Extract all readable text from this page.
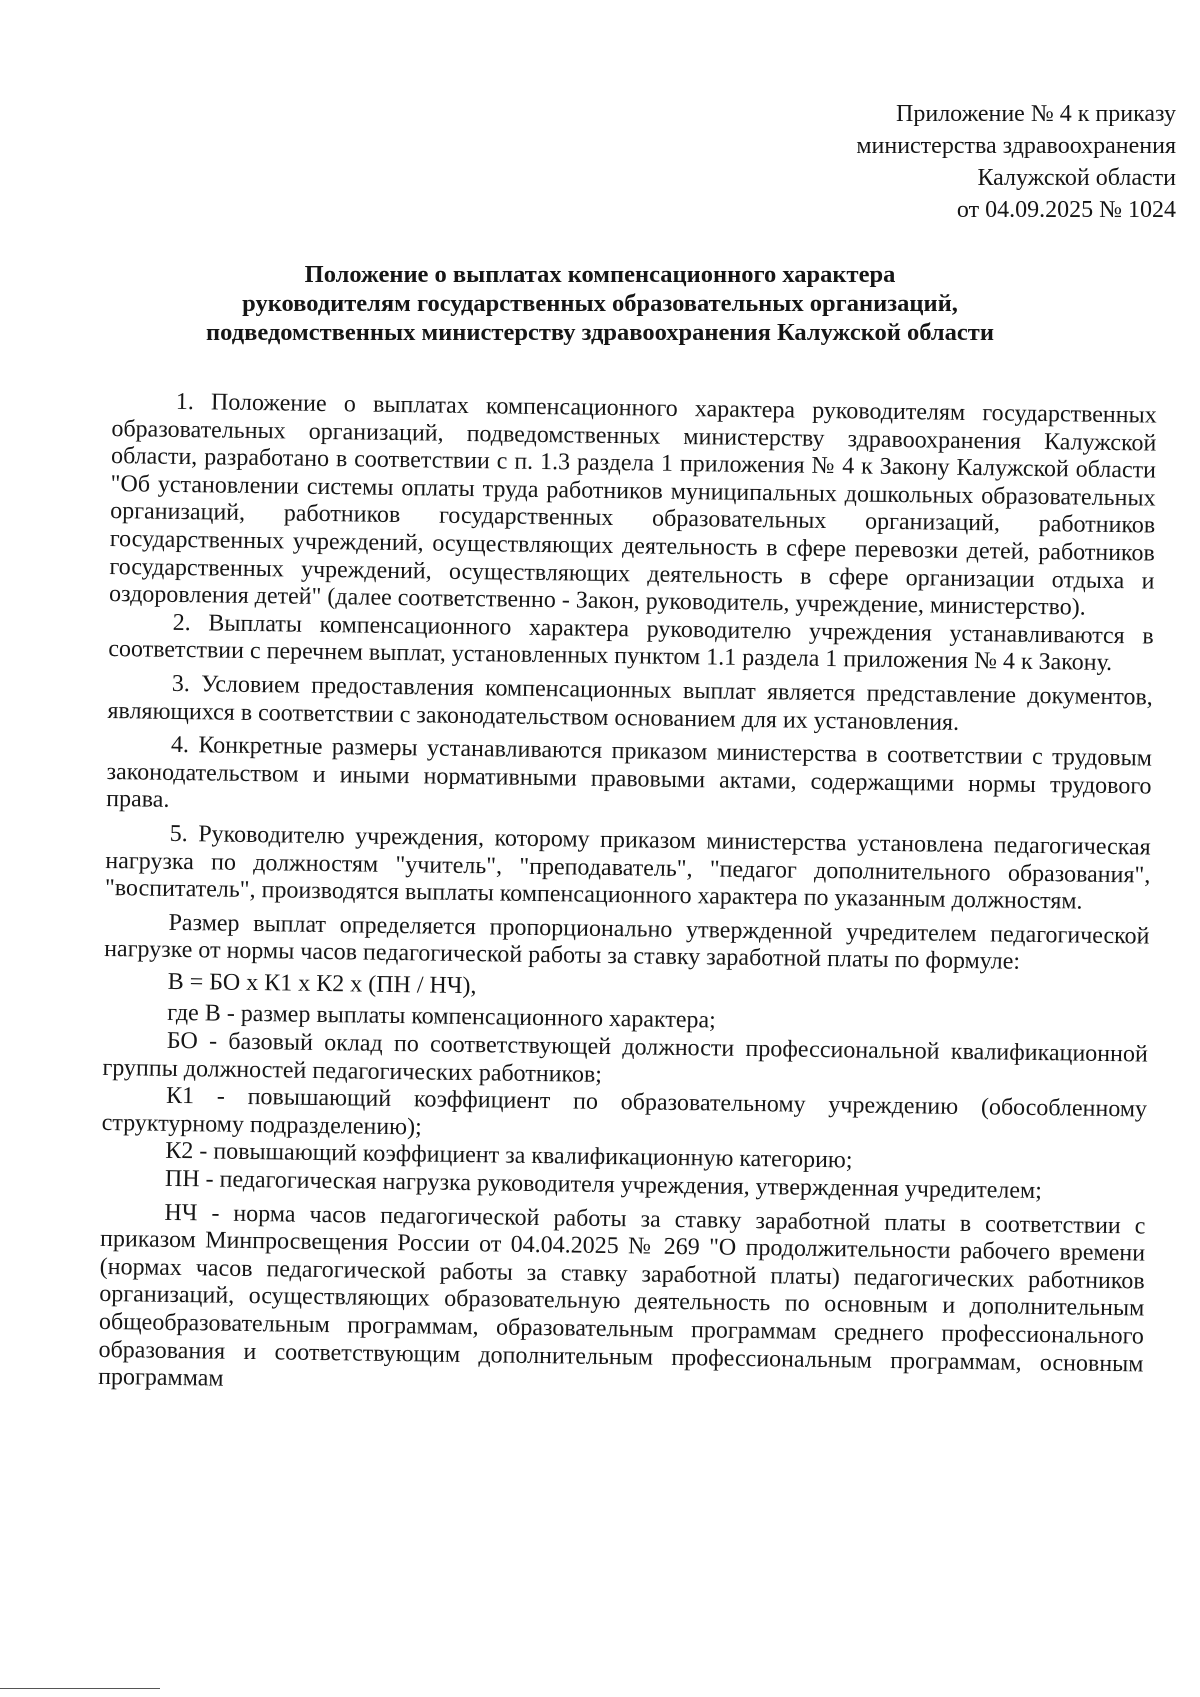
Приложение № 4 к приказу
министерства здравоохранения
Калужской области
от 04.09.2025 № 1024
Положение о выплатах компенсационного характера
руководителям государственных образовательных организаций,
подведомственных министерству здравоохранения Калужской области

1. Положение о выплатах компенсационного характера руководителям государственных образовательных организаций, подведомственных министерству здравоохранения Калужской области, разработано в соответствии с п. 1.3 раздела 1 приложения № 4 к Закону Калужской области "Об установлении системы оплаты труда работников муниципальных дошкольных образовательных организаций, работников государственных образовательных организаций, работников государственных учреждений, осуществляющих деятельность в сфере перевозки детей, работников государственных учреждений, осуществляющих деятельность в сфере организации отдыха и оздоровления детей" (далее соответственно - Закон, руководитель, учреждение, министерство).

2. Выплаты компенсационного характера руководителю учреждения устанавливаются в соответствии с перечнем выплат, установленных пунктом 1.1 раздела 1 приложения № 4 к Закону.

3. Условием предоставления компенсационных выплат является представление документов, являющихся в соответствии с законодательством основанием для их установления.

4. Конкретные размеры устанавливаются приказом министерства в соответствии с трудовым законодательством и иными нормативными правовыми актами, содержащими нормы трудового права.

5. Руководителю учреждения, которому приказом министерства установлена педагогическая нагрузка по должностям "учитель", "преподаватель", "педагог дополнительного образования", "воспитатель", производятся выплаты компенсационного характера по указанным должностям.

Размер выплат определяется пропорционально утвержденной учредителем педагогической нагрузке от нормы часов педагогической работы за ставку заработной платы по формуле:

В = БО x К1 x К2 x (ПН / НЧ),

где В - размер выплаты компенсационного характера;

БО - базовый оклад по соответствующей должности профессиональной квалификационной группы должностей педагогических работников;

К1 - повышающий коэффициент по образовательному учреждению (обособленному структурному подразделению);

К2 - повышающий коэффициент за квалификационную категорию;

ПН - педагогическая нагрузка руководителя учреждения, утвержденная учредителем;

НЧ - норма часов педагогической работы за ставку заработной платы в соответствии с приказом Минпросвещения России от 04.04.2025 № 269 "О продолжительности рабочего времени (нормах часов педагогической работы за ставку заработной платы) педагогических работников организаций, осуществляющих образовательную деятельность по основным и дополнительным общеобразовательным программам, образовательным программам среднего профессионального образования и соответствующим дополнительным профессиональным программам, основным программам
